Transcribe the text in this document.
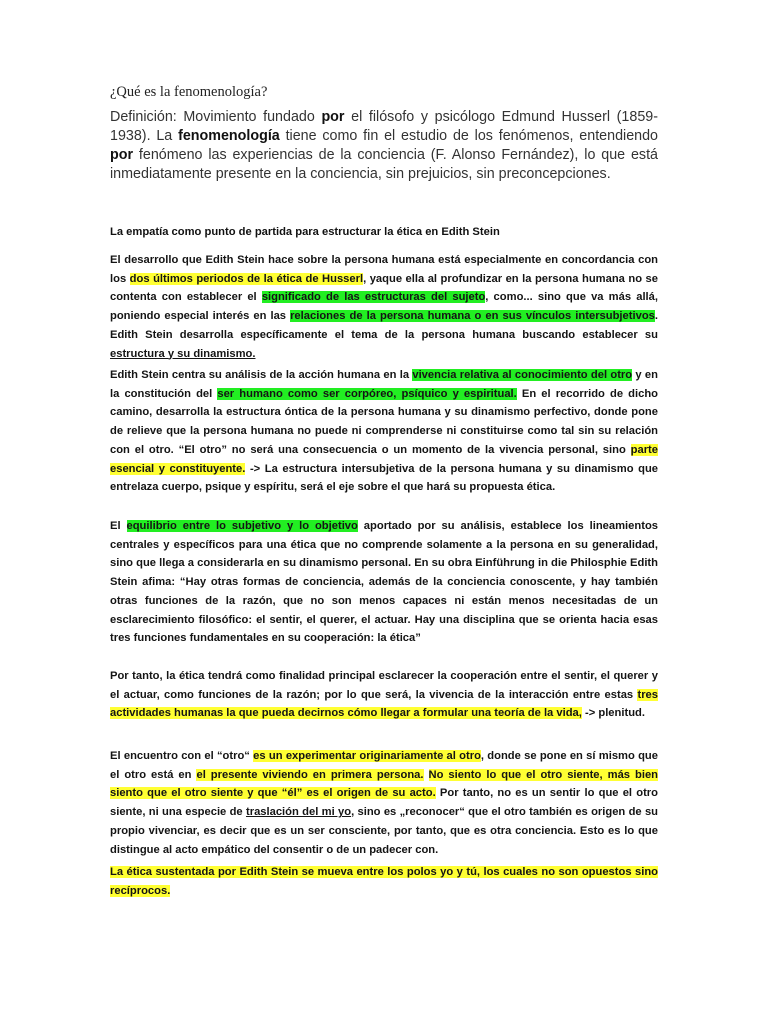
¿Qué es la fenomenología?
Definición: Movimiento fundado por el filósofo y psicólogo Edmund Husserl (1859-1938). La fenomenología tiene como fin el estudio de los fenómenos, entendiendo por fenómeno las experiencias de la conciencia (F. Alonso Fernández), lo que está inmediatamente presente en la conciencia, sin prejuicios, sin preconcepciones.
La empatía como punto de partida para estructurar la ética en Edith Stein

El desarrollo que Edith Stein hace sobre la persona humana está especialmente en concordancia con los dos últimos periodos de la ética de Husserl, yaque ella al profundizar en la persona humana no se contenta con establecer el significado de las estructuras del sujeto, como... sino que va más allá, poniendo especial interés en las relaciones de la persona humana o en sus vínculos intersubjetivos. Edith Stein desarrolla específicamente el tema de la persona humana buscando establecer su estructura y su dinamismo.

Edith Stein centra su análisis de la acción humana en la vivencia relativa al conocimiento del otro y en la constitución del ser humano como ser corpóreo, psíquico y espiritual. En el recorrido de dicho camino, desarrolla la estructura óntica de la persona humana y su dinamismo perfectivo, donde pone de relieve que la persona humana no puede ni comprenderse ni constituirse como tal sin su relación con el otro. “El otro” no será una consecuencia o un momento de la vivencia personal, sino parte esencial y constituyente. -> La estructura intersubjetiva de la persona humana y su dinamismo que entrelaza cuerpo, psique y espíritu, será el eje sobre el que hará su propuesta ética.

El equilibrio entre lo subjetivo y lo objetivo aportado por su análisis, establece los lineamientos centrales y específicos para una ética que no comprende solamente a la persona en su generalidad, sino que llega a considerarla en su dinamismo personal. En su obra Einführung in die Philosphie Edith Stein afima: “Hay otras formas de conciencia, además de la conciencia conoscente, y hay también otras funciones de la razón, que no son menos capaces ni están menos necesitadas de un esclarecimiento filosófico: el sentir, el querer, el actuar. Hay una disciplina que se orienta hacia esas tres funciones fundamentales en su cooperación: la ética”

Por tanto, la ética tendrá como finalidad principal esclarecer la cooperación entre el sentir, el querer y el actuar, como funciones de la razón; por lo que será, la vivencia de la interacción entre estas tres actividades humanas la que pueda decirnos cómo llegar a formular una teoría de la vida, -> plenitud.

El encuentro con el “otro“ es un experimentar originariamente al otro, donde se pone en sí mismo que el otro está en el presente viviendo en primera persona. No siento lo que el otro siente, más bien siento que el otro siente y que “él” es el origen de su acto. Por tanto, no es un sentir lo que el otro siente, ni una especie de traslación del mi yo, sino es „reconocer“ que el otro también es origen de su propio vivenciar, es decir que es un ser consciente, por tanto, que es otra conciencia. Esto es lo que distingue al acto empático del consentir o de un padecer con.

La ética sustentada por Edith Stein se mueva entre los polos yo y tú, los cuales no son opuestos sino recíprocos.
